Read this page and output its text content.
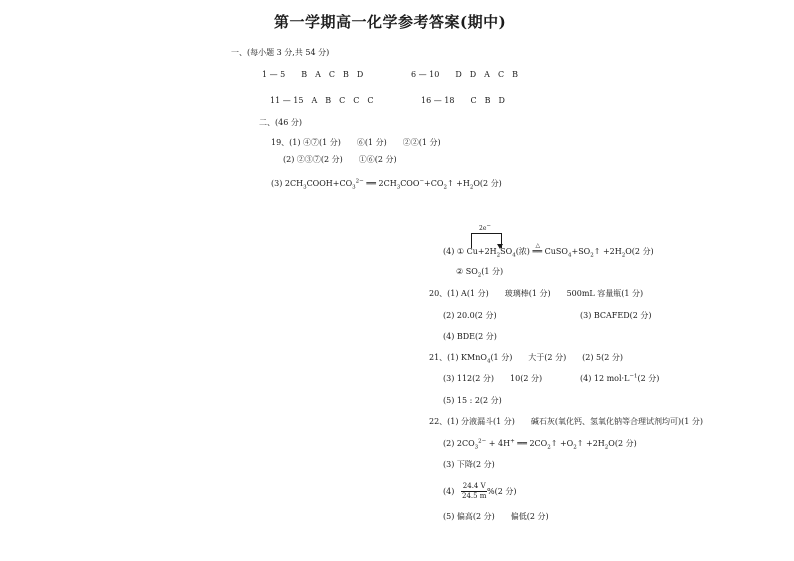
第一学期高一化学参考答案(期中)
一、(每小题 3 分,共 54 分)
1 — 5　　B　A　C　B　D	6 — 10　　D　D　A　C　B
11 — 15　A　B　C　C　C	16 — 18　　C　B　D
二、(46 分)
19、(1) ④⑦(1 分)　　⑥(1 分)　　②②(1 分)
(2) ②③⑦(2 分)　　①⑥(2 分)
(3) $2CH_3COOH+CO_3^{2-}$ ══ $2CH_3COO^-+CO_2↑ +H_2O(2$ 分)
2e−
(4) ① $Cu+2H_2SO_4$(浓)
△
══ $CuSO_4+SO_2↑ +2H_2O(2$ 分)
② $SO_2(1$ 分)
20、(1) A(1 分)　　玻璃棒(1 分)　　500mL 容量瓶(1 分)
(2) 20.0(2 分)	(3) BCAFED(2 分)
(4) BDE(2 分)
21、(1) KMnO$_4$(1 分)　　大于(2 分)　　(2) 5(2 分)
(3) 112(2 分)　　10(2 分)	(4) 12 $mol\cdot L^{-1}(2$ 分)
(5) 15 : 2(2 分)
22、(1) 分液漏斗(1 分)　　碱石灰(氧化钙、氢氧化钠等合理试剂均可)(1 分)
(2) $2CO_3^{2-} + 4H^+$ ══ $2CO_2↑$ $+O_2↑ +2H_2O(2$ 分)
(3) 下降(2 分)
$(4) \frac{24.4 V}{24.5 m} \%(2$ 分)
(5) 偏高(2 分)　　偏低(2 分)
